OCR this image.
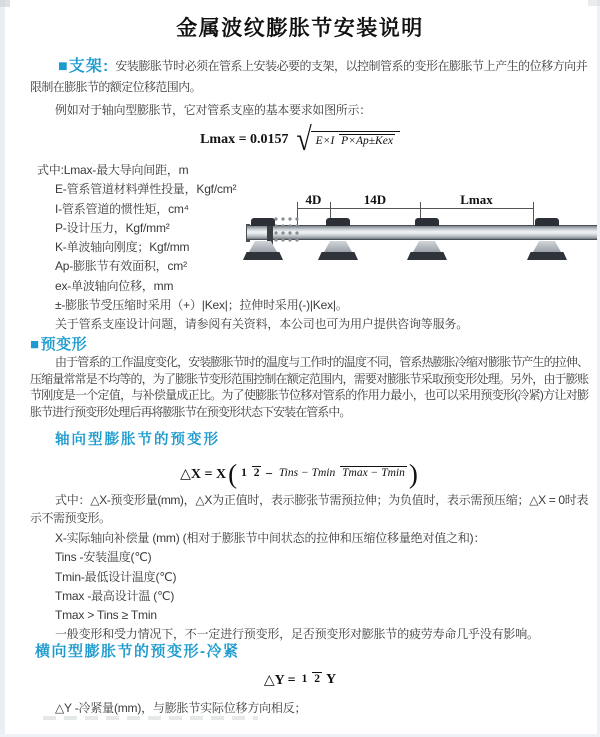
金属波纹膨胀节安装说明

■支架: 安装膨胀节时必须在管系上安装必要的支架，以控制管系的变形在膨胀节上产生的位移方向并限制在膨胀节的额定位移范围内。

例如对于轴向型膨胀节，它对管系支座的基本要求如图所示：

Lmax = 0.0157 √ E×I P×Ap±Kex
式中:Lmax-最大导向间距，m
E-管系管道材料弹性投量，Kgf/cm²
I-管系管道的惯性矩，cm⁴
P-设计压力，Kgf/mm²
K-单波轴向刚度；Kgf/mm
Ap-膨胀节有效面积，cm²
ex-单波轴向位移，mm
±-膨胀节受压缩时采用（+）|Kex|；拉伸时采用(-)|Kex|。
关于管系支座设计问题，请参阅有关资料，本公司也可为用户提供咨询等服务。
4D	14D	Lmax
■预变形

由于管系的工作温度变化，安装膨胀节时的温度与工作时的温度不同，管系热膨胀冷缩对膨胀节产生的拉伸、压缩量常常是不均等的，为了膨胀节变形范围控制在额定范围内，需要对膨胀节采取预变形处理。另外，由于膨账节刚度是一个定值，与补偿量成正比。为了使膨胀节位移对管系的作用力最小，也可以采用预变形(冷紧)方让对膨胀节进行预变形处理后再将膨胀节在预变形状态下安装在管系中。

轴向型膨胀节的预变形
△X = X ( 1 2 − Tins − Tmin Tmax − Tmin )

式中：△X-预变形量(mm)，△X为正值时，表示膨张节需预拉伸；为负值时，表示需预压缩；△X = 0时表示不需预变形。

X-实际轴向补偿量 (mm) (相对于膨胀节中间状态的拉伸和压缩位移量绝对值之和)：
Tins -安装温度(℃)
Tmin-最低设计温度(℃)
Tmax -最高设计温 (℃)
Tmax > Tins ≥ Tmin
一般变形和受力情况下，不一定进行预变形，足否预变形对膨胀节的疲劳寿命几乎没有影响。
横向型膨胀节的预变形-冷紧
△Y =
1 2 Y

△Y -冷紧量(mm)，与膨胀节实际位移方向相反；
